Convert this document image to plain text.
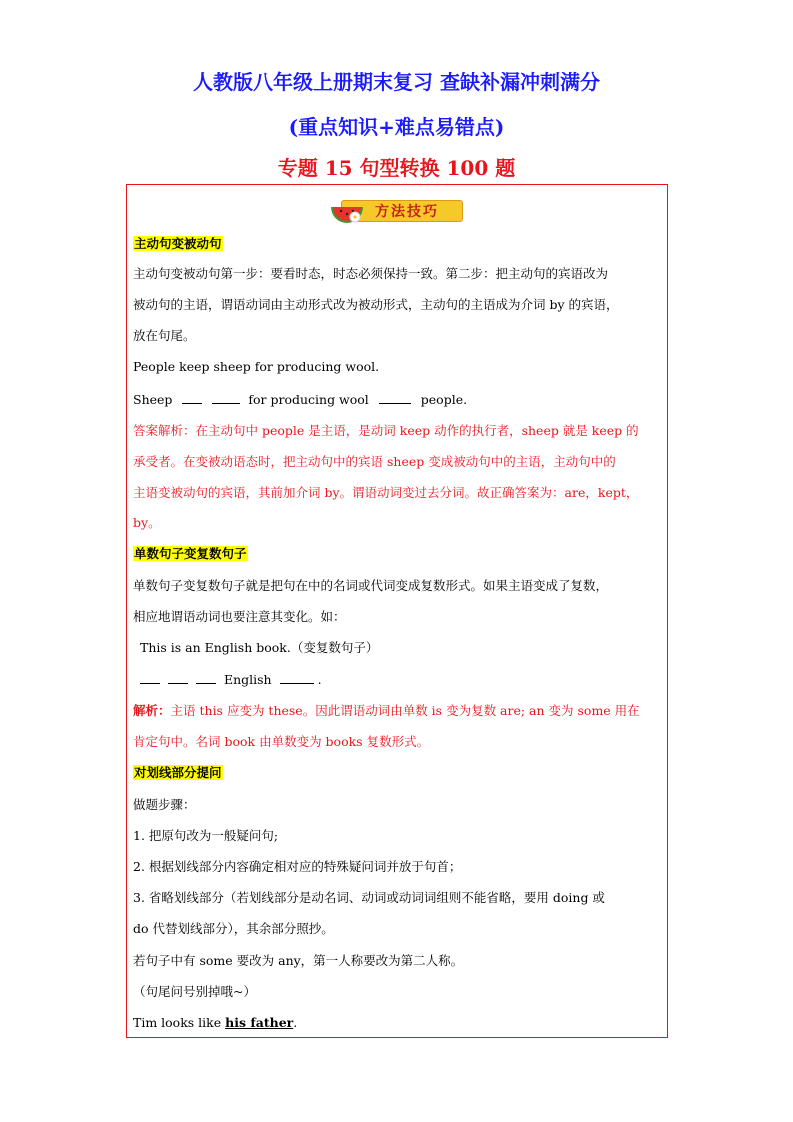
人教版八年级上册期末复习 查缺补漏冲刺满分
(重点知识+难点易错点)
专题 15 句型转换 100 题
方法技巧
主动句变被动句
主动句变被动句第一步：要看时态，时态必须保持一致。第二步：把主动句的宾语改为
被动句的主语，谓语动词由主动形式改为被动形式，主动句的主语成为介词 by 的宾语，
放在句尾。
People keep sheep for producing wool.
Sheep	for producing wool	people.
答案解析：在主动句中 people 是主语，是动词 keep 动作的执行者，sheep 就是 keep 的
承受者。在变被动语态时，把主动句中的宾语 sheep 变成被动句中的主语，主动句中的
主语变被动句的宾语，其前加介词 by。谓语动词变过去分词。故正确答案为：are，kept，
by。
单数句子变复数句子
单数句子变复数句子就是把句在中的名词或代词变成复数形式。如果主语变成了复数，
相应地谓语动词也要注意其变化。如：
This is an English book.（变复数句子）
English	.
解析：主语 this 应变为 these。因此谓语动词由单数 is 变为复数 are; an 变为 some 用在
肯定句中。名词 book 由单数变为 books 复数形式。
对划线部分提问
做题步骤：
1. 把原句改为一般疑问句;
2. 根据划线部分内容确定相对应的特殊疑问词并放于句首；
3. 省略划线部分（若划线部分是动名词、动词或动词词组则不能省略，要用 doing 或
do 代替划线部分），其余部分照抄。
若句子中有 some 要改为 any，第一人称要改为第二人称。
（句尾问号别掉哦~）
Tim looks like his father.
